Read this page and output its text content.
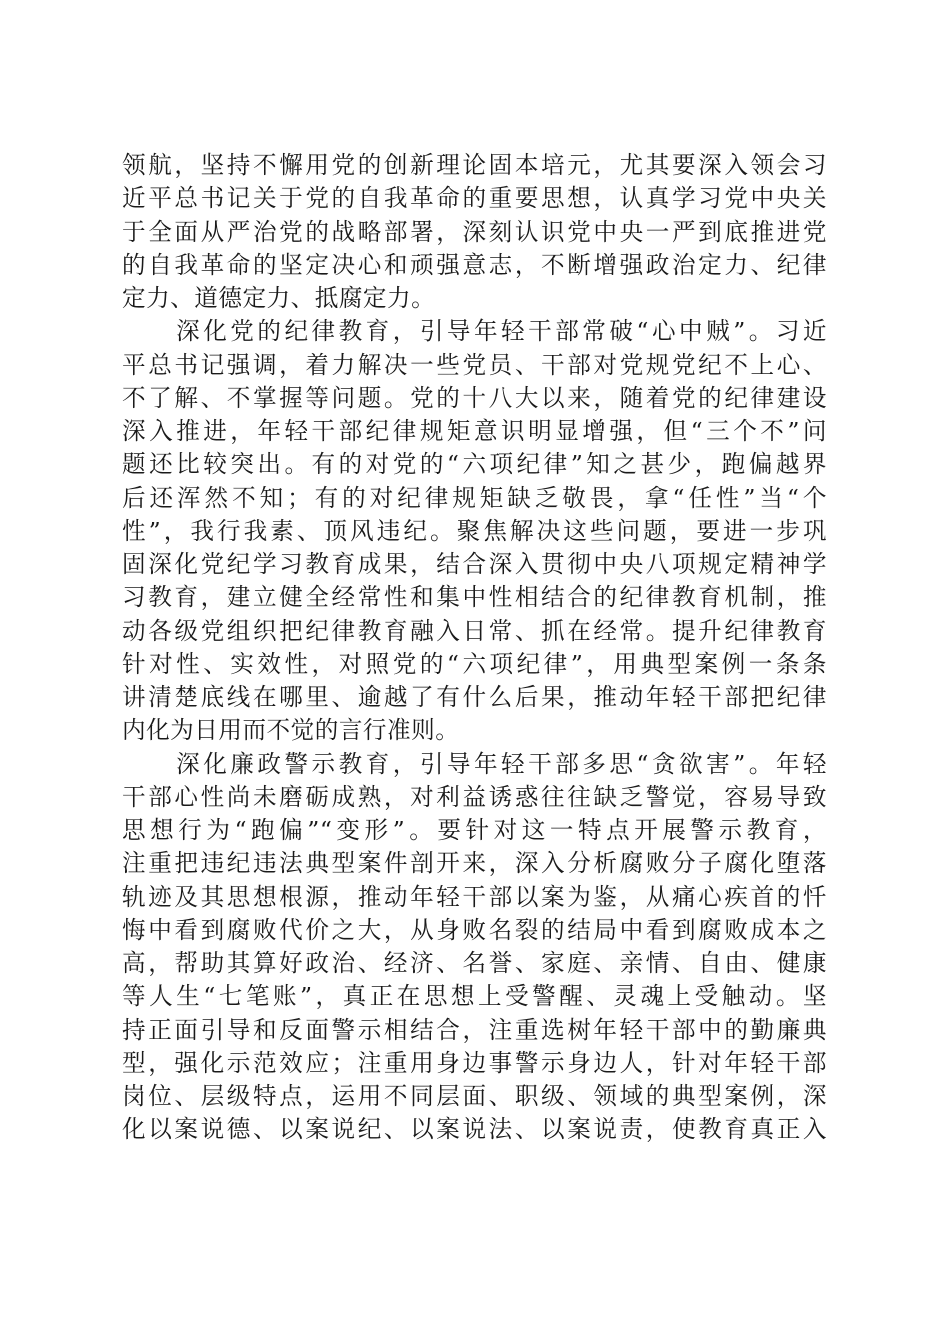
领航，坚持不懈用党的创新理论固本培元，尤其要深入领会习
近平总书记关于党的自我革命的重要思想，认真学习党中央关
于全面从严治党的战略部署，深刻认识党中央一严到底推进党
的自我革命的坚定决心和顽强意志，不断增强政治定力、纪律
定力、道德定力、抵腐定力。
　　深化党的纪律教育，引导年轻干部常破“心中贼”。习近
平总书记强调，着力解决一些党员、干部对党规党纪不上心、
不了解、不掌握等问题。党的十八大以来，随着党的纪律建设
深入推进，年轻干部纪律规矩意识明显增强，但“三个不”问
题还比较突出。有的对党的“六项纪律”知之甚少，跑偏越界
后还浑然不知；有的对纪律规矩缺乏敬畏，拿“任性”当“个
性”，我行我素、顶风违纪。聚焦解决这些问题，要进一步巩
固深化党纪学习教育成果，结合深入贯彻中央八项规定精神学
习教育，建立健全经常性和集中性相结合的纪律教育机制，推
动各级党组织把纪律教育融入日常、抓在经常。提升纪律教育
针对性、实效性，对照党的“六项纪律”，用典型案例一条条
讲清楚底线在哪里、逾越了有什么后果，推动年轻干部把纪律
内化为日用而不觉的言行准则。
　　深化廉政警示教育，引导年轻干部多思“贪欲害”。年轻
干部心性尚未磨砺成熟，对利益诱惑往往缺乏警觉，容易导致
思想行为“跑偏”“变形”。要针对这一特点开展警示教育，
注重把违纪违法典型案件剖开来，深入分析腐败分子腐化堕落
轨迹及其思想根源，推动年轻干部以案为鉴，从痛心疾首的忏
悔中看到腐败代价之大，从身败名裂的结局中看到腐败成本之
高，帮助其算好政治、经济、名誉、家庭、亲情、自由、健康
等人生“七笔账”，真正在思想上受警醒、灵魂上受触动。坚
持正面引导和反面警示相结合，注重选树年轻干部中的勤廉典
型，强化示范效应；注重用身边事警示身边人，针对年轻干部
岗位、层级特点，运用不同层面、职级、领域的典型案例，深
化以案说德、以案说纪、以案说法、以案说责，使教育真正入
